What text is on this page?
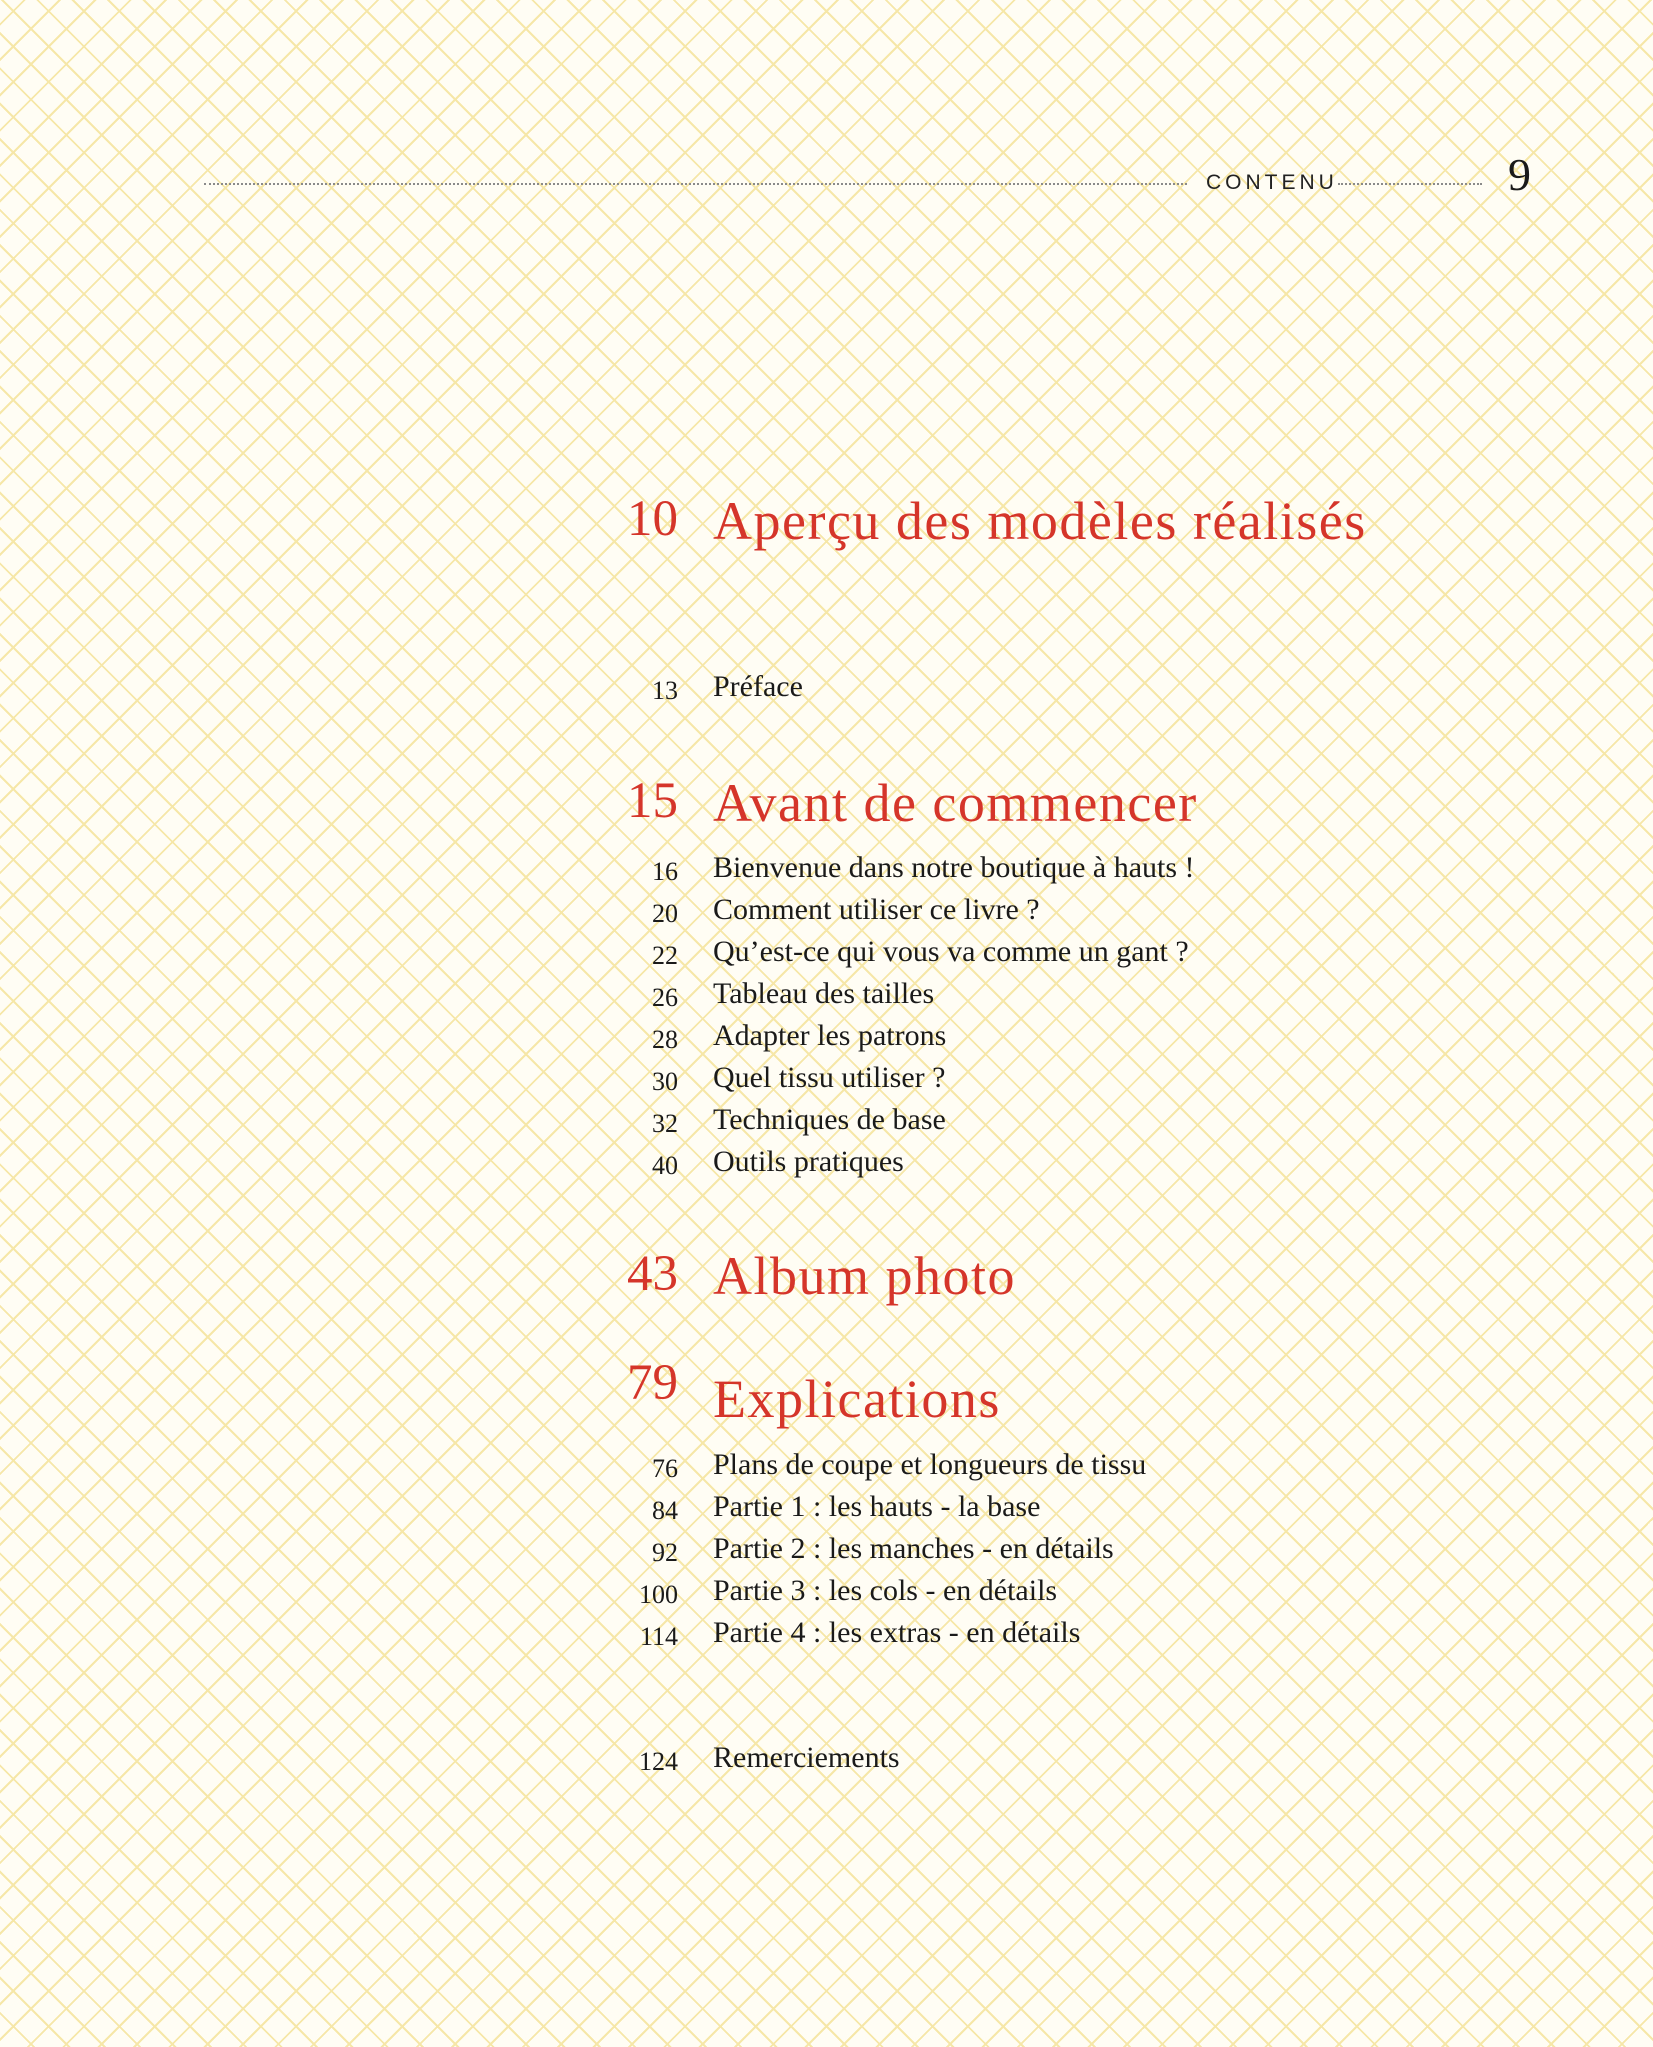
CONTENU	9
10 Aperçu des modèles réalisés
13 Préface
15 Avant de commencer
16 Bienvenue dans notre boutique à hauts !
20 Comment utiliser ce livre ?
22 Qu’est-ce qui vous va comme un gant ?
26 Tableau des tailles
28 Adapter les patrons
30 Quel tissu utiliser ?
32 Techniques de base
40 Outils pratiques
43 Album photo
79 Explications
76 Plans de coupe et longueurs de tissu
84 Partie 1 : les hauts - la base
92 Partie 2 : les manches - en détails
100 Partie 3 : les cols - en détails
114 Partie 4 : les extras - en détails
124 Remerciements
